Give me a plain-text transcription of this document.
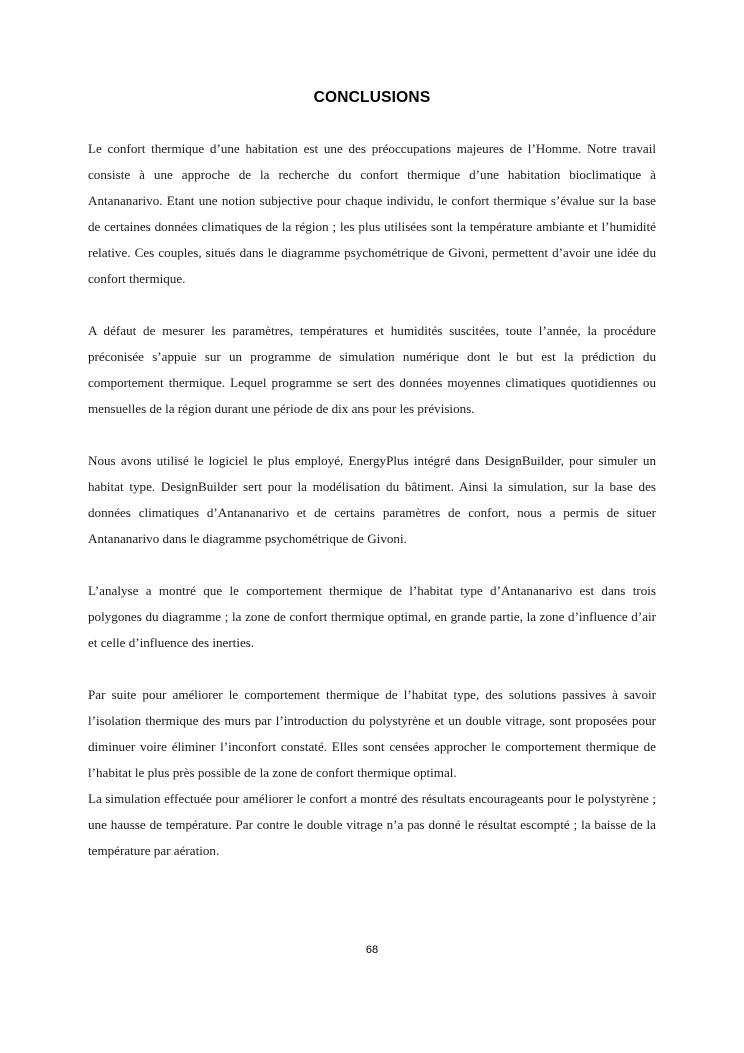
CONCLUSIONS

Le confort thermique d’une habitation est une des préoccupations majeures de l’Homme. Notre travail consiste à une approche de la recherche du confort thermique d’une habitation bioclimatique à Antananarivo. Etant une notion subjective pour chaque individu, le confort thermique s’évalue sur la base de certaines données climatiques de la région ; les plus utilisées sont la température ambiante et l’humidité relative. Ces couples, situés dans le diagramme psychométrique de Givoni, permettent d’avoir une idée du confort thermique.

A défaut de mesurer les paramètres, températures et humidités suscitées, toute l’année, la procédure préconisée s’appuie sur un programme de simulation numérique dont le but est la prédiction du comportement thermique. Lequel programme se sert des données moyennes climatiques quotidiennes ou mensuelles de la région durant une période de dix ans pour les prévisions.

Nous avons utilisé le logiciel le plus employé, EnergyPlus intégré dans DesignBuilder, pour simuler un habitat type. DesignBuilder sert pour la modélisation du bâtiment. Ainsi la simulation, sur la base des données climatiques d’Antananarivo et de certains paramètres de confort, nous a permis de situer Antananarivo dans le diagramme psychométrique de Givoni.

L’analyse a montré que le comportement thermique de l’habitat type d’Antananarivo est dans trois polygones du diagramme ; la zone de confort thermique optimal, en grande partie, la zone d’influence d’air et celle d’influence des inerties.

Par suite pour améliorer le comportement thermique de l’habitat type, des solutions passives à savoir l’isolation thermique des murs par l’introduction du polystyrène et un double vitrage, sont proposées pour diminuer voire éliminer l’inconfort constaté. Elles sont censées approcher le comportement thermique de l’habitat le plus près possible de la zone de confort thermique optimal.

La simulation effectuée pour améliorer le confort a montré des résultats encourageants pour le polystyrène ; une hausse de température. Par contre le double vitrage n’a pas donné le résultat escompté ; la baisse de la température par aération.

68
